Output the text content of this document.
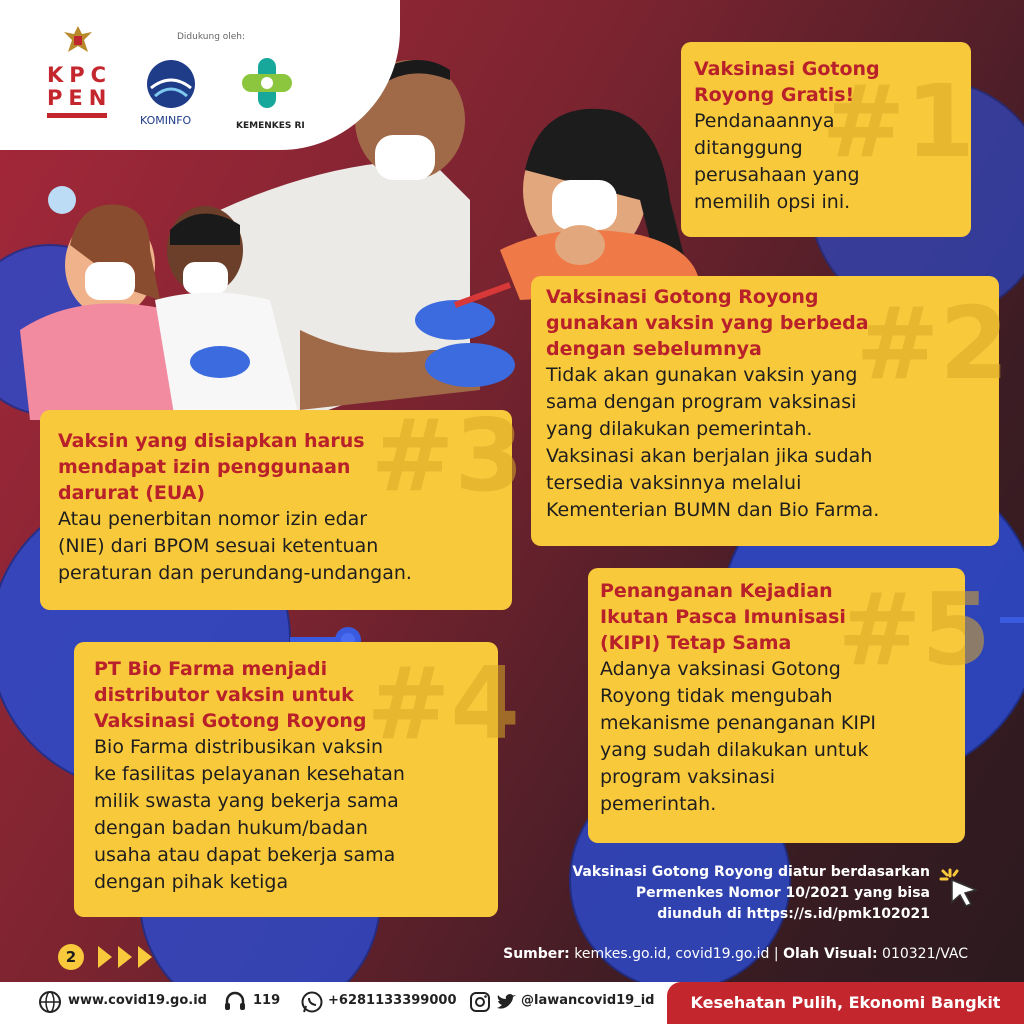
KPC
PEN
Didukung oleh:
KOMINFO	KEMENKES RI	#1
Vaksinasi Gotong
Royong Gratis!
Pendanaannya
ditanggung
perusahaan yang
memilih opsi ini.
#2
Vaksinasi Gotong Royong
gunakan vaksin yang berbeda
dengan sebelumnya
Tidak akan gunakan vaksin yang
sama dengan program vaksinasi
yang dilakukan pemerintah.
Vaksinasi akan berjalan jika sudah
tersedia vaksinnya melalui
Kementerian BUMN dan Bio Farma.
#3
Vaksin yang disiapkan harus
mendapat izin penggunaan
darurat (EUA)
Atau penerbitan nomor izin edar
(NIE) dari BPOM sesuai ketentuan
peraturan dan perundang-undangan.
#4
PT Bio Farma menjadi
distributor vaksin untuk
Vaksinasi Gotong Royong
Bio Farma distribusikan vaksin
ke fasilitas pelayanan kesehatan
milik swasta yang bekerja sama
dengan badan hukum/badan
usaha atau dapat bekerja sama
dengan pihak ketiga
#5
Penanganan Kejadian
Ikutan Pasca Imunisasi
(KIPI) Tetap Sama
Adanya vaksinasi Gotong
Royong tidak mengubah
mekanisme penanganan KIPI
yang sudah dilakukan untuk
program vaksinasi
pemerintah.
Vaksinasi Gotong Royong diatur berdasarkan
Permenkes Nomor 10/2021 yang bisa
diunduh di https://s.id/pmk102021
2	Sumber: kemkes.go.id, covid19.go.id | Olah Visual: 010321/VAC
www.covid19.go.id	119	+6281133399000	@lawancovid19_id	Kesehatan Pulih, Ekonomi Bangkit
